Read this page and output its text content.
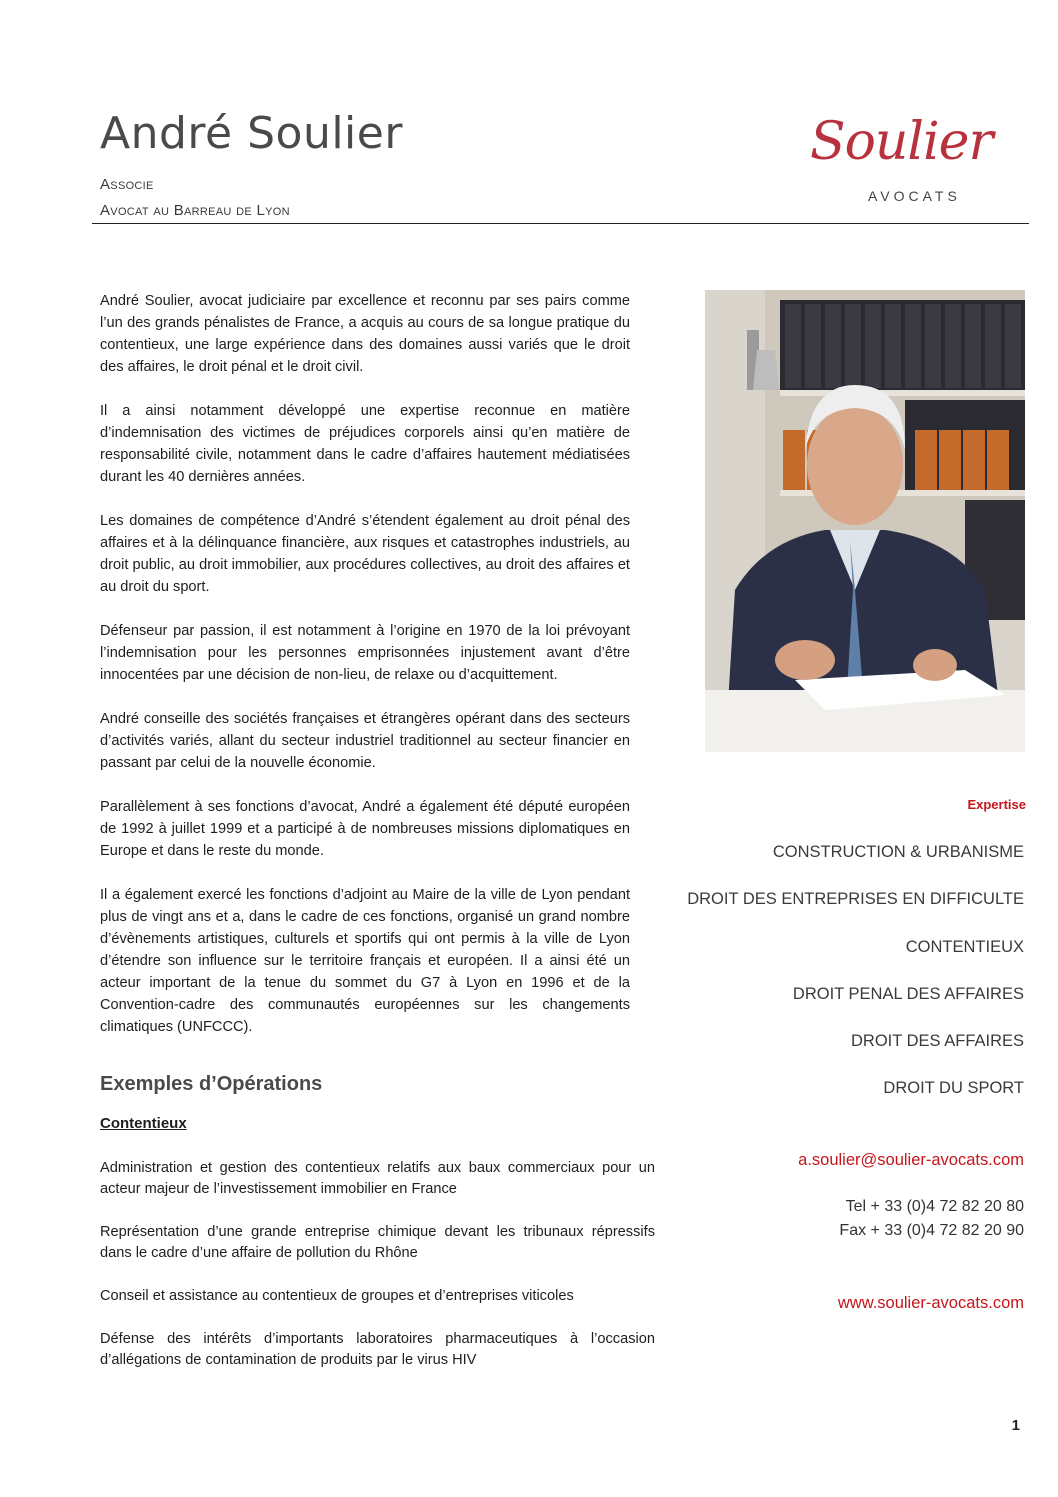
André Soulier
Associe
Avocat au Barreau de Lyon
Soulier
AVOCATS

André Soulier, avocat judiciaire par excellence et reconnu par ses pairs comme l’un des grands pénalistes de France, a acquis au cours de sa longue pratique du contentieux, une large expérience dans des domaines aussi variés que le droit des affaires, le droit pénal et le droit civil.

Il a ainsi notamment développé une expertise reconnue en matière d’indemnisation des victimes de préjudices corporels ainsi qu’en matière de responsabilité civile, notamment dans le cadre d’affaires hautement médiatisées durant les 40 dernières années.

Les domaines de compétence d’André s’étendent également au droit pénal des affaires et à la délinquance financière, aux risques et catastrophes industriels, au droit public, au droit immobilier, aux procédures collectives, au droit des affaires et au droit du sport.

Défenseur par passion, il est notamment à l’origine en 1970 de la loi prévoyant l’indemnisation pour les personnes emprisonnées injustement avant d’être innocentées par une décision de non-lieu, de relaxe ou d’acquittement.

André conseille des sociétés françaises et étrangères opérant dans des secteurs d’activités variés, allant du secteur industriel traditionnel au secteur financier en passant par celui de la nouvelle économie.

Parallèlement à ses fonctions d’avocat, André a également été député européen de 1992 à juillet 1999 et a participé à de nombreuses missions diplomatiques en Europe et dans le reste du monde.

Il a également exercé les fonctions d’adjoint au Maire de la ville de Lyon pendant plus de vingt ans et a, dans le cadre de ces fonctions, organisé un grand nombre d’évènements artistiques, culturels et sportifs qui ont permis à la ville de Lyon d’étendre son influence sur le territoire français et européen. Il a ainsi été un acteur important de la tenue du sommet du G7 à Lyon en 1996 et de la Convention-cadre des communautés européennes sur les changements climatiques (UNFCCC).

Exemples d’Opérations
Contentieux

Administration et gestion des contentieux relatifs aux baux commerciaux pour un acteur majeur de l’investissement immobilier en France

Représentation d’une grande entreprise chimique devant les tribunaux répressifs dans le cadre d’une affaire de pollution du Rhône

Conseil et assistance au contentieux de groupes et d’entreprises viticoles

Défense des intérêts d’importants laboratoires pharmaceutiques à l’occasion d’allégations de contamination de produits par le virus HIV

Expertise
CONSTRUCTION & URBANISME
DROIT DES ENTREPRISES EN DIFFICULTE
CONTENTIEUX
DROIT PENAL DES AFFAIRES
DROIT DES AFFAIRES
DROIT DU SPORT
a.soulier@soulier-avocats.com
Tel + 33 (0)4 72 82 20 80
Fax + 33 (0)4 72 82 20 90
www.soulier-avocats.com
1
